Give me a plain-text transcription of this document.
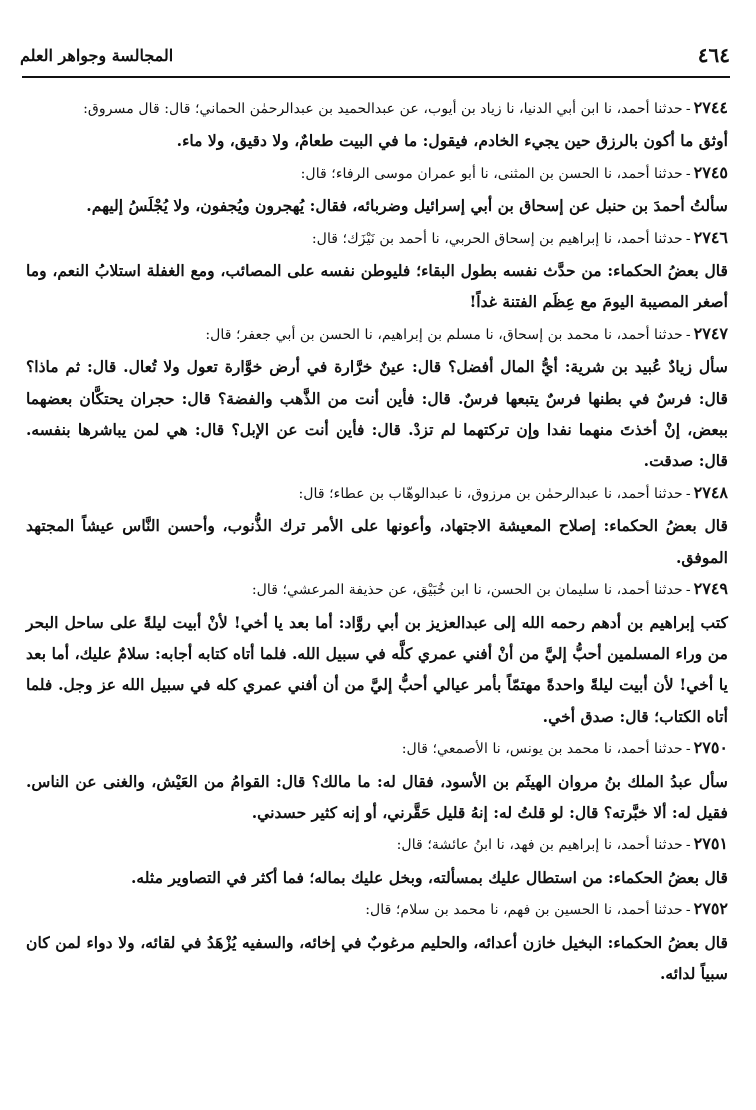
٤٦٤
المجالسة وجواهر العلم

٢٧٤٤-حدثنا أحمد، نا ابن أبي الدنيا، نا زياد بن أيوب، عن عبدالحميد بن عبدالرحمٰن الحماني؛ قال: قال مسروق:

أوثق ما أكون بالرزق حين يجيء الخادم، فيقول: ما في البيت طعامٌ، ولا دقيق، ولا ماء.

٢٧٤٥-حدثنا أحمد، نا الحسن بن المثنى، نا أبو عمران موسى الرفاء؛ قال:

سألتُ أحمدَ بن حنبل عن إسحاق بن أبي إسرائيل وضربائه، فقال: يُهجرون ويُجفون، ولا يُجْلَسُ إليهم.

٢٧٤٦-حدثنا أحمد، نا إبراهيم بن إسحاق الحربي، نا أحمد بن نَيْزَك؛ قال:

قال بعضُ الحكماء: من حدَّث نفسه بطول البقاء؛ فليوطن نفسه على المصائب، ومع الغفلة استلابُ النعم، وما أصغر المصيبة اليومَ مع عِظَم الفتنة غداً!

٢٧٤٧-حدثنا أحمد، نا محمد بن إسحاق، نا مسلم بن إبراهيم، نا الحسن بن أبي جعفر؛ قال:

سأل زيادٌ عُبيد بن شرية: أيُّ المال أفضل؟ قال: عينٌ خرَّارة في أرض خوَّارة تعول ولا تُعال. قال: ثم ماذا؟ قال: فرسٌ في بطنها فرسٌ يتبعها فرسٌ. قال: فأين أنت من الذَّهب والفضة؟ قال: حجران يحتكَّان بعضهما ببعض، إنْ أخذتَ منهما نفدا وإن تركتهما لم تزدْ. قال: فأين أنت عن الإبل؟ قال: هي لمن يباشرها بنفسه. قال: صدقت.

٢٧٤٨-حدثنا أحمد، نا عبدالرحمٰن بن مرزوق، نا عبدالوهّاب بن عطاء؛ قال:

قال بعضُ الحكماء: إصلاح المعيشة الاجتهاد، وأعونها على الأمر ترك الذُّنوب، وأحسن النَّاس عيشاً المجتهد الموفق.

٢٧٤٩-حدثنا أحمد، نا سليمان بن الحسن، نا ابن خُبَيْق، عن حذيفة المرعشي؛ قال:

كتب إبراهيم بن أدهم رحمه الله إلى عبدالعزيز بن أبي روَّاد: أما بعد يا أخي! لأنْ أبيت ليلةً على ساحل البحر من وراء المسلمين أحبُّ إليَّ من أنْ أفني عمري كلَّه في سبيل الله. فلما أتاه كتابه أجابه: سلامٌ عليك، أما بعد يا أخي! لأن أبيت ليلةً واحدةً مهتمّاً بأمر عيالي أحبُّ إليَّ من أن أفني عمري كله في سبيل الله عز وجل. فلما أتاه الكتاب؛ قال: صدق أخي.

٢٧٥٠-حدثنا أحمد، نا محمد بن يونس، نا الأصمعي؛ قال:

سأل عبدُ الملك بنُ مروان الهيثَم بن الأسود، فقال له: ما مالك؟ قال: القوامُ من العَيْش، والغنى عن الناس. فقيل له: ألا خبَّرته؟ قال: لو قلتُ له: إنهُ قليل حَقَّرني، أو إنه كثير حسدني.

٢٧٥١-حدثنا أحمد، نا إبراهيم بن فهد، نا ابنُ عائشة؛ قال:

قال بعضُ الحكماء: من استطال عليك بمسألته، وبخل عليك بماله؛ فما أكثر في التصاوير مثله.

٢٧٥٢-حدثنا أحمد، نا الحسين بن فهم، نا محمد بن سلام؛ قال:

قال بعضُ الحكماء: البخيل خازن أعدائه، والحليم مرغوبٌ في إخائه، والسفيه يُزْهَدُ في لقائه، ولا دواء لمن كان سبياً لدائه.
